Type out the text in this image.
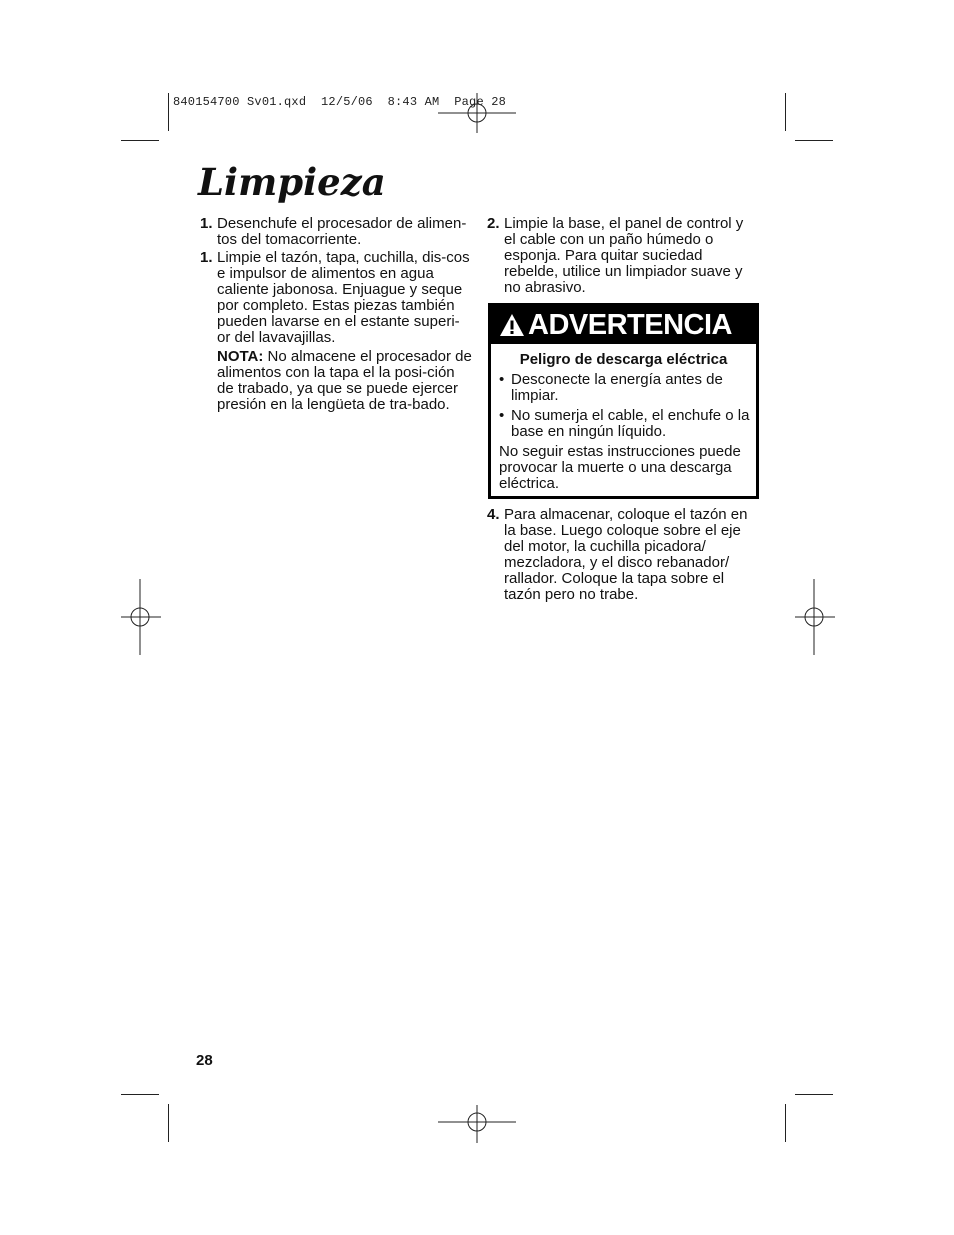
840154700 Sv01.qxd  12/5/06  8:43 AM  Page 28
Limpieza
1. Desenchufe el procesador de alimen-tos del tomacorriente.
1. Limpie el tazón, tapa, cuchilla, dis-cos e impulsor de alimentos en agua caliente jabonosa. Enjuague y seque por completo. Estas piezas también pueden lavarse en el estante superi-or del lavavajillas.
NOTA: No almacene el procesador de alimentos con la tapa el la posi-ción de trabado, ya que se puede ejercer presión en la lengüeta de tra-bado.
2. Limpie la base, el panel de control y el cable con un paño húmedo o esponja. Para quitar suciedad rebelde, utilice un limpiador suave y no abrasivo.
ADVERTENCIA
Peligro de descarga eléctrica
• Desconecte la energía antes de limpiar.
• No sumerja el cable, el enchufe o la base en ningún líquido.
No seguir estas instrucciones puede provocar la muerte o una descarga eléctrica.
4. Para almacenar, coloque el tazón en la base. Luego coloque sobre el eje del motor, la cuchilla picadora/ mezcladora, y el disco rebanador/ rallador. Coloque la tapa sobre el tazón pero no trabe.
28
